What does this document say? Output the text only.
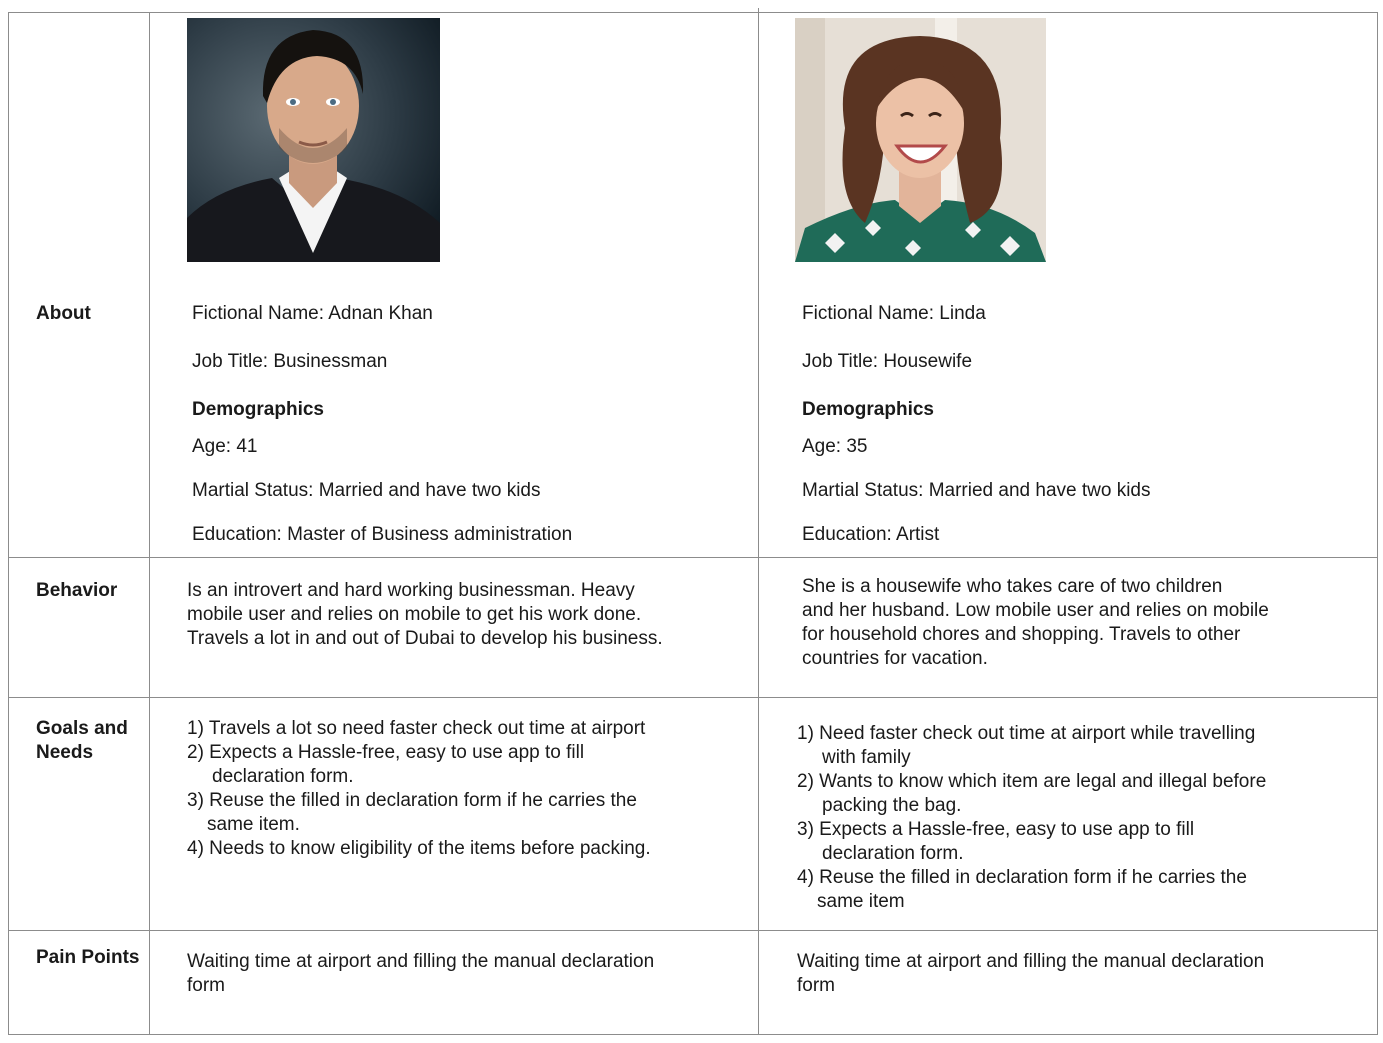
About
Behavior
Goals and
Needs
Pain Points
Fictional Name: Adnan Khan
Job Title: Businessman
Demographics
Age: 41
Martial Status: Married and have two kids
Education: Master of Business administration
Fictional Name: Linda
Job Title: Housewife
Demographics
Age: 35
Martial Status: Married and have two kids
Education: Artist
Is an introvert and hard working businessman. Heavy
mobile user and relies on mobile to get his work done.
Travels a lot in and out of Dubai to develop his business.
She is a housewife who takes care of two children
and her husband. Low mobile user and relies on mobile
for household chores and shopping. Travels to other
countries for vacation.
1) Travels a lot so need faster check out time at airport
2) Expects a Hassle-free, easy to use app to fill
declaration form.
3) Reuse the filled in declaration form if he carries the
same item.
4) Needs to know eligibility of the items before packing.
1) Need faster check out time at airport while travelling
with family
2) Wants to know which item are legal and illegal before
packing the bag.
3) Expects a Hassle-free, easy to use app to fill
declaration form.
4) Reuse the filled in declaration form if he carries the
same item
Waiting time at airport and filling the manual declaration
form
Waiting time at airport and filling the manual declaration
form
